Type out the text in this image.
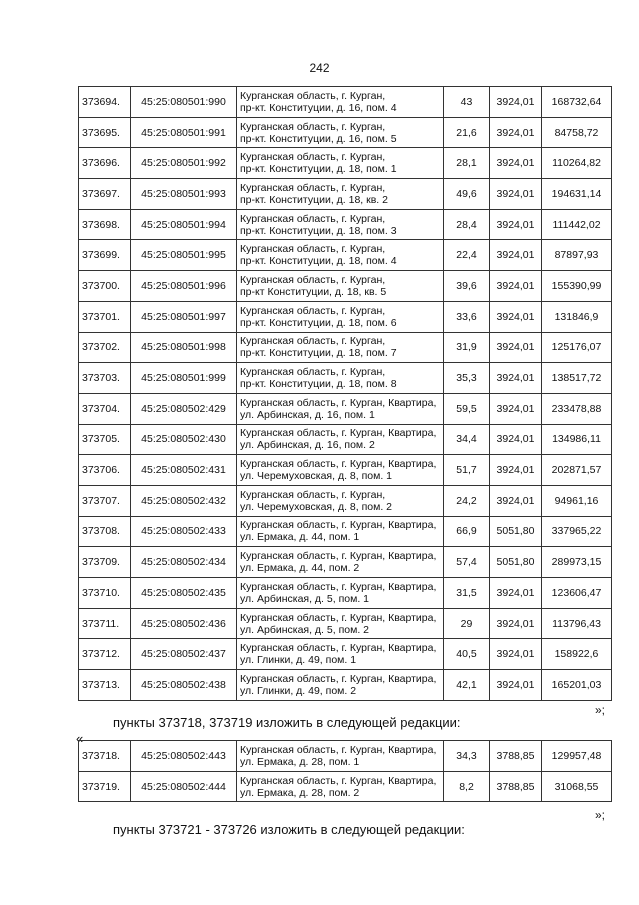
242
373694.	45:25:080501:990	Курганская область, г. Курган,
пр-кт. Конституции, д. 16, пом. 4	43	3924,01	168732,64
373695.	45:25:080501:991	Курганская область, г. Курган,
пр-кт. Конституции, д. 16, пом. 5	21,6	3924,01	84758,72
373696.	45:25:080501:992	Курганская область, г. Курган,
пр-кт. Конституции, д. 18, пом. 1	28,1	3924,01	110264,82
373697.	45:25:080501:993	Курганская область, г. Курган,
пр-кт. Конституции, д. 18, кв. 2	49,6	3924,01	194631,14
373698.	45:25:080501:994	Курганская область, г. Курган,
пр-кт. Конституции, д. 18, пом. 3	28,4	3924,01	111442,02
373699.	45:25:080501:995	Курганская область, г. Курган,
пр-кт. Конституции, д. 18, пом. 4	22,4	3924,01	87897,93
373700.	45:25:080501:996	Курганская область, г. Курган,
пр-кт Конституции, д. 18, кв. 5	39,6	3924,01	155390,99
373701.	45:25:080501:997	Курганская область, г. Курган,
пр-кт. Конституции, д. 18, пом. 6	33,6	3924,01	131846,9
373702.	45:25:080501:998	Курганская область, г. Курган,
пр-кт. Конституции, д. 18, пом. 7	31,9	3924,01	125176,07
373703.	45:25:080501:999	Курганская область, г. Курган,
пр-кт. Конституции, д. 18, пом. 8	35,3	3924,01	138517,72
373704.	45:25:080502:429	Курганская область, г. Курган, Квартира,
ул. Арбинская, д. 16, пом. 1	59,5	3924,01	233478,88
373705.	45:25:080502:430	Курганская область, г. Курган, Квартира,
ул. Арбинская, д. 16, пом. 2	34,4	3924,01	134986,11
373706.	45:25:080502:431	Курганская область, г. Курган, Квартира,
ул. Черемуховская, д. 8, пом. 1	51,7	3924,01	202871,57
373707.	45:25:080502:432	Курганская область, г. Курган,
ул. Черемуховская, д. 8, пом. 2	24,2	3924,01	94961,16
373708.	45:25:080502:433	Курганская область, г. Курган, Квартира,
ул. Ермака, д. 44, пом. 1	66,9	5051,80	337965,22
373709.	45:25:080502:434	Курганская область, г. Курган, Квартира,
ул. Ермака, д. 44, пом. 2	57,4	5051,80	289973,15
373710.	45:25:080502:435	Курганская область, г. Курган, Квартира,
ул. Арбинская, д. 5, пом. 1	31,5	3924,01	123606,47
373711.	45:25:080502:436	Курганская область, г. Курган, Квартира,
ул. Арбинская, д. 5, пом. 2	29	3924,01	113796,43
373712.	45:25:080502:437	Курганская область, г. Курган, Квартира,
ул. Глинки, д. 49, пом. 1	40,5	3924,01	158922,6
373713.	45:25:080502:438	Курганская область, г. Курган, Квартира,
ул. Глинки, д. 49, пом. 2	42,1	3924,01	165201,03
»;
пункты 373718, 373719 изложить в следующей редакции:
«
373718.	45:25:080502:443	Курганская область, г. Курган, Квартира,
ул. Ермака, д. 28, пом. 1	34,3	3788,85	129957,48
373719.	45:25:080502:444	Курганская область, г. Курган, Квартира,
ул. Ермака, д. 28, пом. 2	8,2	3788,85	31068,55
»;
пункты 373721 - 373726 изложить в следующей редакции:
